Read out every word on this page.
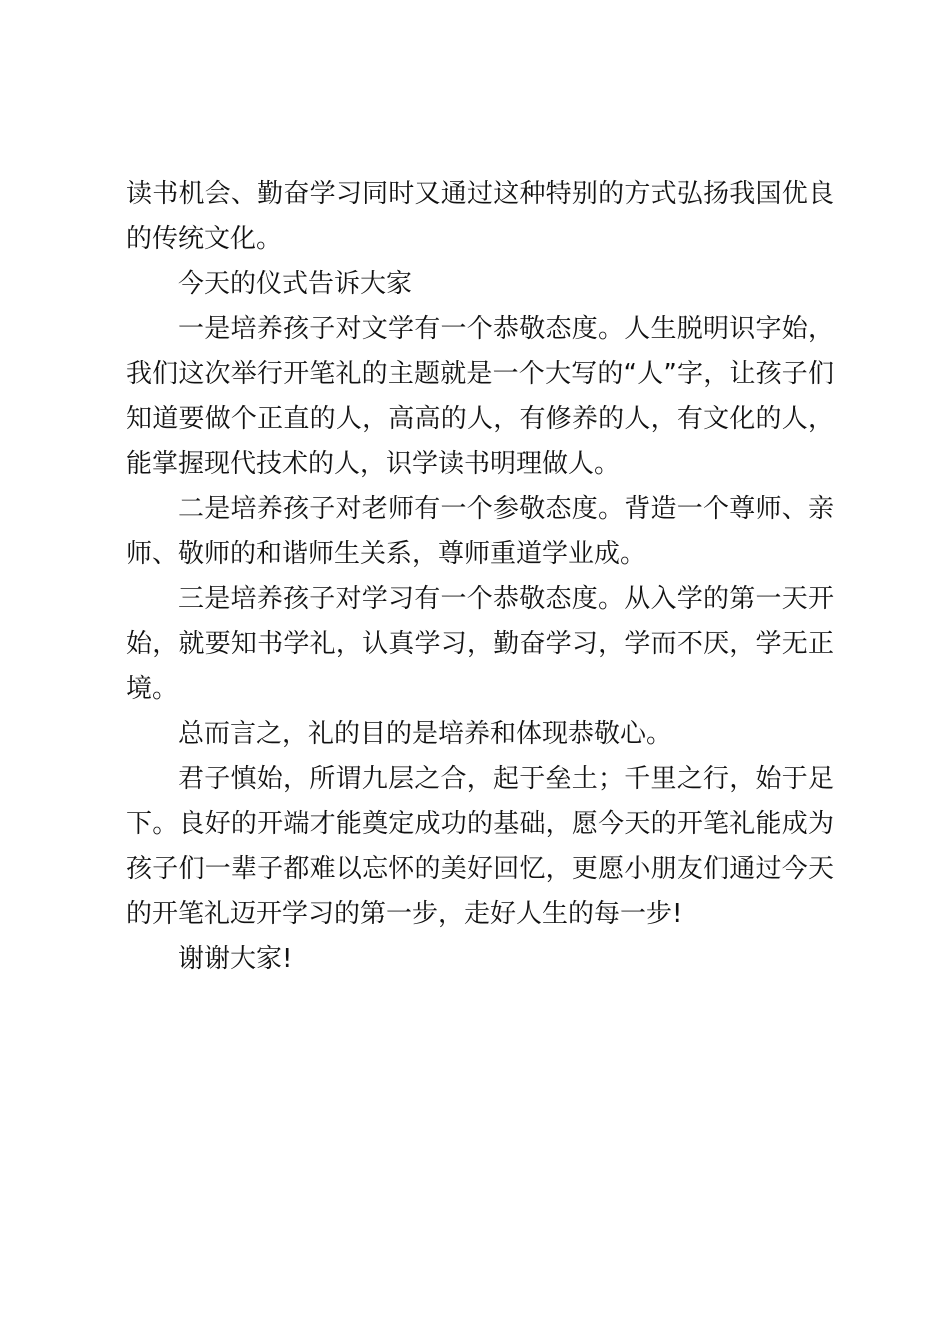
读书机会、勤奋学习同时又通过这种特别的方式弘扬我国优良的传统文化。

今天的仪式告诉大家

一是培养孩子对文学有一个恭敬态度。人生脱明识字始，我们这次举行开笔礼的主题就是一个大写的“人”字，让孩子们知道要做个正直的人，高高的人，有修养的人，有文化的人，能掌握现代技术的人，识学读书明理做人。

二是培养孩子对老师有一个参敬态度。背造一个尊师、亲师、敬师的和谐师生关系，尊师重道学业成。

三是培养孩子对学习有一个恭敬态度。从入学的第一天开始，就要知书学礼，认真学习，勤奋学习，学而不厌，学无正境。

总而言之，礼的目的是培养和体现恭敬心。

君子慎始，所谓九层之合，起于垒土；千里之行，始于足下。良好的开端才能奠定成功的基础，愿今天的开笔礼能成为孩子们一辈子都难以忘怀的美好回忆，更愿小朋友们通过今天的开笔礼迈开学习的第一步，走好人生的每一步!

谢谢大家!
